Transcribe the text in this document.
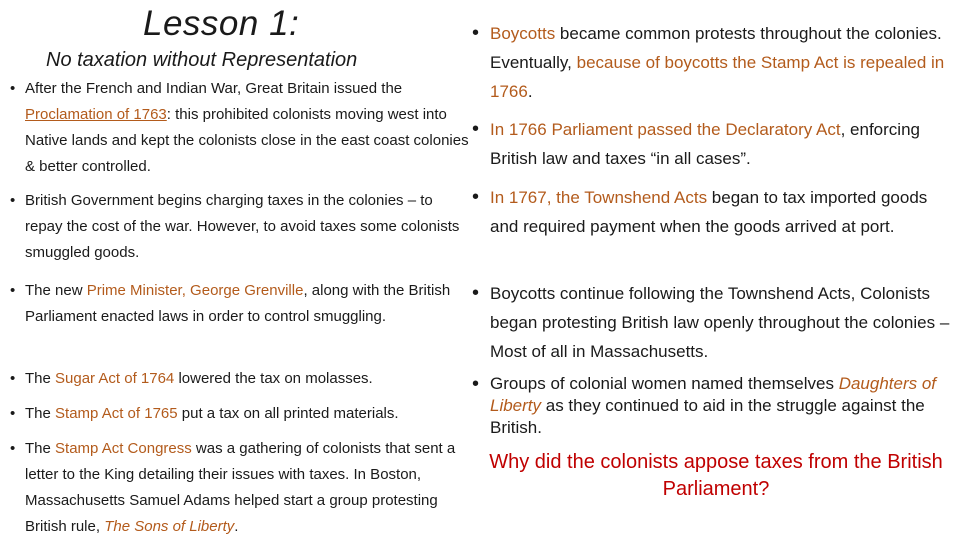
Lesson 1:
No taxation without Representation
• After the French and Indian War, Great Britain issued the Proclamation of 1763: this prohibited colonists moving west into Native lands and kept the colonists close in the east coast colonies & better controlled.

• British Government begins charging taxes in the colonies – to repay the cost of the war. However, to avoid taxes some colonists smuggled goods.

• The new Prime Minister, George Grenville, along with the British Parliament enacted laws in order to control smuggling.

• The Sugar Act of 1764 lowered the tax on molasses.

• The Stamp Act of 1765 put a tax on all printed materials.

• The Stamp Act Congress was a gathering of colonists that sent a letter to the King detailing their issues with taxes. In Boston, Massachusetts Samuel Adams helped start a group protesting British rule, The Sons of Liberty.

• Boycotts became common protests throughout the colonies. Eventually, because of boycotts the Stamp Act is repealed in 1766.

• In 1766 Parliament passed the Declaratory Act, enforcing British law and taxes “in all cases”.

• In 1767, the Townshend Acts began to tax imported goods and required payment when the goods arrived at port.

• Boycotts continue following the Townshend Acts, Colonists began protesting British law openly throughout the colonies – Most of all in Massachusetts.

• Groups of colonial women named themselves Daughters of Liberty as they continued to aid in the struggle against the British.

Why did the colonists appose taxes from the British Parliament?
